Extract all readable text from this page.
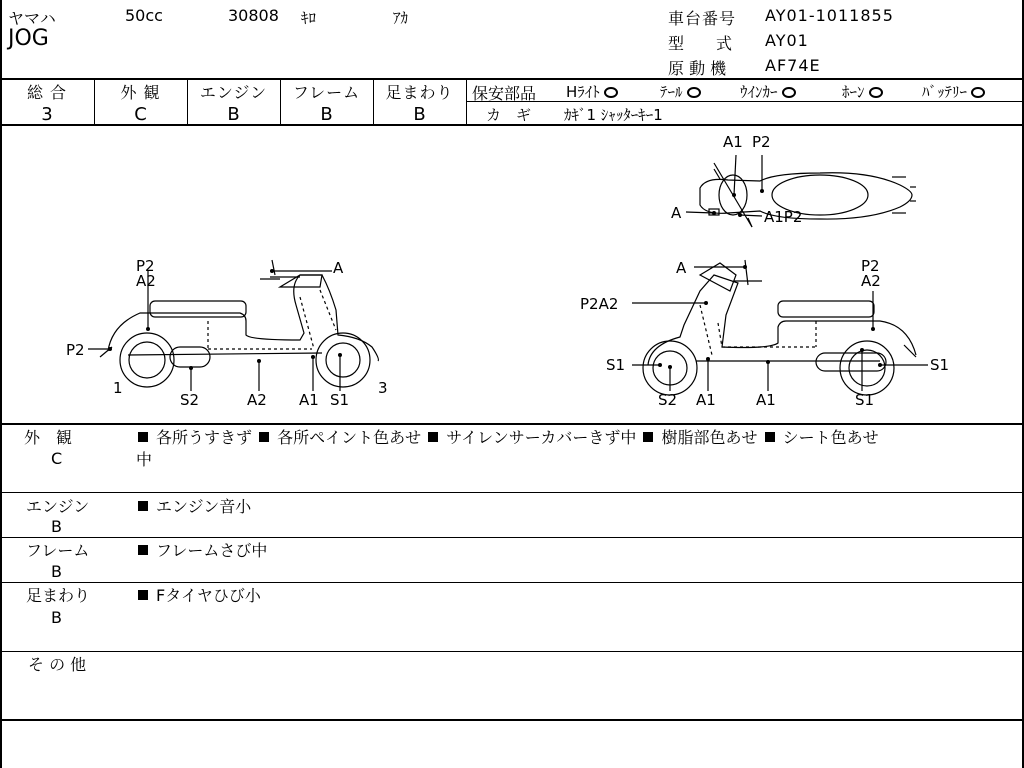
ヤマハ	50cc	30808 ｷﾛ	ｱｶ
JOG
車台番号 AY01-1011855
型　　式 AY01
原 動 機 AF74E
総 合
3
外 観
C
エンジン
B
フレーム
B
足まわり
B
保安部品 Hﾗｲﾄ	ﾃｰﾙ	ｳｲﾝｶｰ	ﾎｰﾝ	ﾊﾞｯﾃﾘｰ
カ　ギ ｶｷﾞ1 ｼｬｯﾀｰｷｰ1
A1 P2
A	A1P2
P2
A2
A
P2
1
S2	A2 A1 S1
3
A	P2
A2
P2A2
S1	S1
S2 A1	A1	S1
外　観
C
各所うすきず 各所ペイント色あせ サイレンサーカバーきず中 樹脂部色あせ シート色あせ
中
エンジン
B
エンジン音小
フレーム
B
フレームさび中
足まわり
B
Fタイヤひび小
そ の 他
